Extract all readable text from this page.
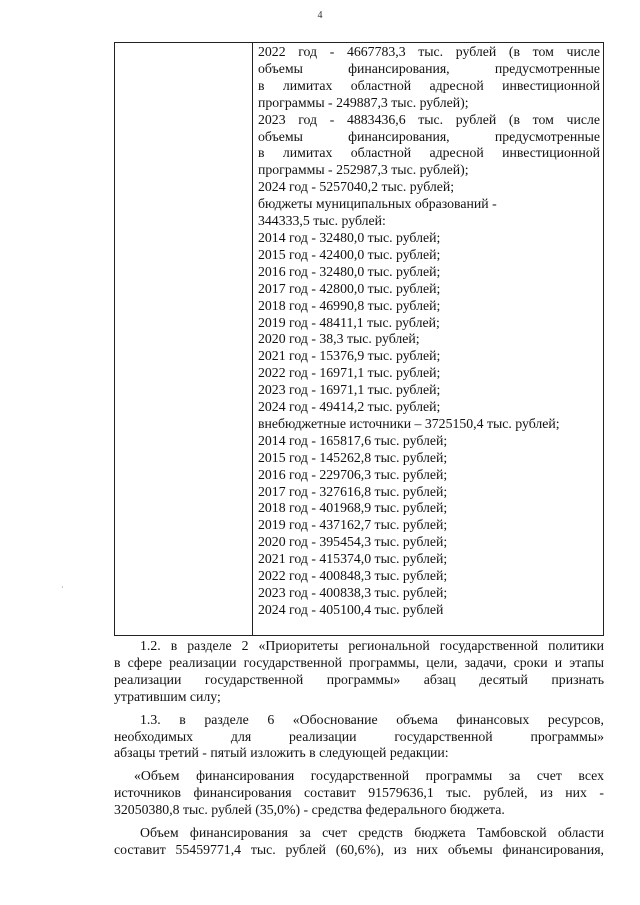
4
·
2022 год - 4667783,3 тыс. рублей (в том числе
объемы финансирования, предусмотренные
в лимитах областной адресной инвестиционной
программы - 249887,3 тыс. рублей);
2023 год - 4883436,6 тыс. рублей (в том числе
объемы финансирования, предусмотренные
в лимитах областной адресной инвестиционной
программы - 252987,3 тыс. рублей);
2024 год - 5257040,2 тыс. рублей;
бюджеты муниципальных образований -
344333,5 тыс. рублей:
2014 год - 32480,0 тыс. рублей;
2015 год - 42400,0 тыс. рублей;
2016 год - 32480,0 тыс. рублей;
2017 год - 42800,0 тыс. рублей;
2018 год - 46990,8 тыс. рублей;
2019 год - 48411,1 тыс. рублей;
2020 год - 38,3 тыс. рублей;
2021 год - 15376,9 тыс. рублей;
2022 год - 16971,1 тыс. рублей;
2023 год - 16971,1 тыс. рублей;
2024 год - 49414,2 тыс. рублей;
внебюджетные источники – 3725150,4 тыс. рублей;
2014 год - 165817,6 тыс. рублей;
2015 год - 145262,8 тыс. рублей;
2016 год - 229706,3 тыс. рублей;
2017 год - 327616,8 тыс. рублей;
2018 год - 401968,9 тыс. рублей;
2019 год - 437162,7 тыс. рублей;
2020 год - 395454,3 тыс. рублей;
2021 год - 415374,0 тыс. рублей;
2022 год - 400848,3 тыс. рублей;
2023 год - 400838,3 тыс. рублей;
2024 год - 405100,4 тыс. рублей

1.2. в разделе 2 «Приоритеты региональной государственной политики

в сфере реализации государственной программы, цели, задачи, сроки и этапы

реализации государственной программы» абзац десятый признать

утратившим силу;

1.3. в разделе 6 «Обоснование объема финансовых ресурсов,

необходимых для реализации государственной программы»

абзацы третий - пятый изложить в следующей редакции:

«Объем финансирования государственной программы за счет всех

источников финансирования составит 91579636,1 тыс. рублей, из них -

32050380,8 тыс. рублей (35,0%) - средства федерального бюджета.

Объем финансирования за счет средств бюджета Тамбовской области

составит 55459771,4 тыс. рублей (60,6%), из них объемы финансирования,
